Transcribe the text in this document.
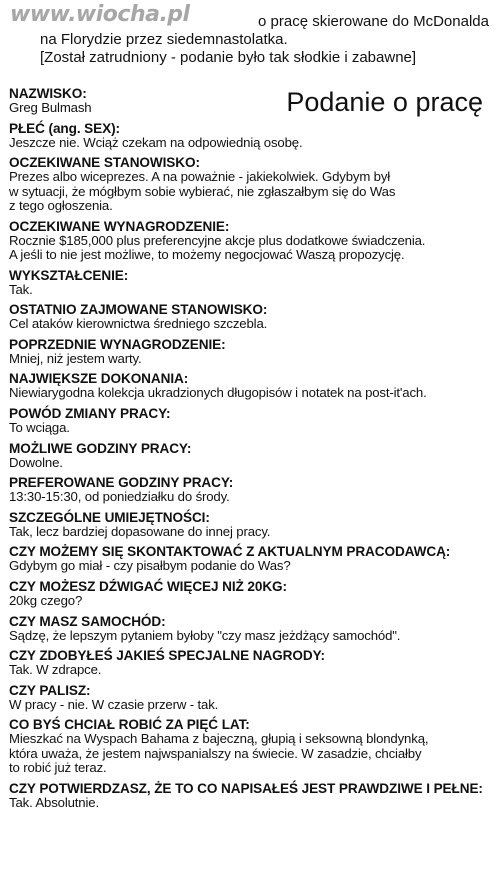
o pracę skierowane do McDonalda
na Florydzie przez siedemnastolatka.
[Został zatrudniony - podanie było tak słodkie i zabawne]
www.wiocha.pl
Podanie o pracę
NAZWISKO:
Greg Bulmash
PŁEĆ (ang. SEX):
Jeszcze nie. Wciąż czekam na odpowiednią osobę.
OCZEKIWANE STANOWISKO:
Prezes albo wiceprezes. A na poważnie - jakiekolwiek. Gdybym był
w sytuacji, że mógłbym sobie wybierać, nie zgłaszałbym się do Was
z tego ogłoszenia.
OCZEKIWANE WYNAGRODZENIE:
Rocznie $185,000 plus preferencyjne akcje plus dodatkowe świadczenia.
A jeśli to nie jest możliwe, to możemy negocjować Waszą propozycję.
WYKSZTAŁCENIE:
Tak.
OSTATNIO ZAJMOWANE STANOWISKO:
Cel ataków kierownictwa średniego szczebla.
POPRZEDNIE WYNAGRODZENIE:
Mniej, niż jestem warty.
NAJWIĘKSZE DOKONANIA:
Niewiarygodna kolekcja ukradzionych długopisów i notatek na post-it'ach.
POWÓD ZMIANY PRACY:
To wciąga.
MOŻLIWE GODZINY PRACY:
Dowolne.
PREFEROWANE GODZINY PRACY:
13:30-15:30, od poniedziałku do środy.
SZCZEGÓLNE UMIEJĘTNOŚCI:
Tak, lecz bardziej dopasowane do innej pracy.
CZY MOŻEMY SIĘ SKONTAKTOWAĆ Z AKTUALNYM PRACODAWCĄ:
Gdybym go miał - czy pisałbym podanie do Was?
CZY MOŻESZ DŹWIGAĆ WIĘCEJ NIŻ 20KG:
20kg czego?
CZY MASZ SAMOCHÓD:
Sądzę, że lepszym pytaniem byłoby "czy masz jeżdżący samochód".
CZY ZDOBYŁEŚ JAKIEŚ SPECJALNE NAGRODY:
Tak. W zdrapce.
CZY PALISZ:
W pracy - nie. W czasie przerw - tak.
CO BYŚ CHCIAŁ ROBIĆ ZA PIĘĆ LAT:
Mieszkać na Wyspach Bahama z bajeczną, głupią i seksowną blondynką,
która uważa, że jestem najwspanialszy na świecie. W zasadzie, chciałby
to robić już teraz.
CZY POTWIERDZASZ, ŻE TO CO NAPISAŁEŚ JEST PRAWDZIWE I PEŁNE:
Tak. Absolutnie.
